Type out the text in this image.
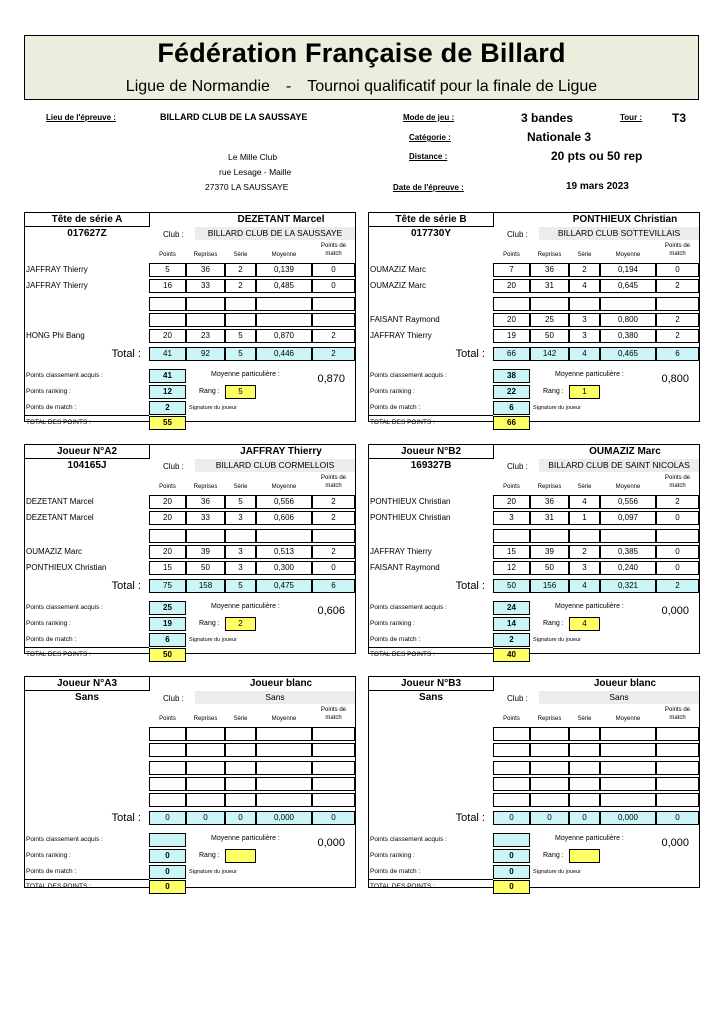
Fédération Française de Billard
Ligue de Normandie - Tournoi qualificatif pour la finale de Ligue
Lieu de l'épreuve :	BILLARD CLUB DE LA SAUSSAYE
Le Mille Club
rue Lesage - Maille
27370 LA SAUSSAYE
Mode de jeu :	3 bandes	Tour : T3
Catégorie :	Nationale 3
Distance :	20 pts ou 50 rep
Date de l'épreuve :	19 mars 2023
Tête de série A
017627Z
DEZETANT Marcel
Club :	BILLARD CLUB DE LA SAUSSAYE
Points	Reprises	Série	Moyenne
Points de
match
JAFFRAY Thierry	5	36	2	0,139	0
JAFFRAY Thierry	16	33	2	0,485	0
HONG Phi Bang	20	23	5	0,870	2
Total :	41	92	5	0,446	2
Points classement acquis :	41	Moyenne particulière :	0,870
Points ranking :	12	Rang :	5
Points de match :	2	Signature du joueur
TOTAL DES POINTS :	55
Tête de série B
017730Y
PONTHIEUX Christian
Club :	BILLARD CLUB SOTTEVILLAIS
Points	Reprises	Série	Moyenne
Points de
match
OUMAZIZ Marc	7	36	2	0,194	0
OUMAZIZ Marc	20	31	4	0,645	2
FAISANT Raymond	20	25	3	0,800	2
JAFFRAY Thierry	19	50	3	0,380	2
Total :	66	142	4	0,465	6
Points classement acquis :	38	Moyenne particulière :	0,800
Points ranking :	22	Rang :	1
Points de match :	6	Signature du joueur
TOTAL DES POINTS :	66
Joueur N°A2
104165J
JAFFRAY Thierry
Club :	BILLARD CLUB CORMELLOIS
Points	Reprises	Série	Moyenne
Points de
match
DEZETANT Marcel	20	36	5	0,556	2
DEZETANT Marcel	20	33	3	0,606	2
OUMAZIZ Marc	20	39	3	0,513	2
PONTHIEUX Christian	15	50	3	0,300	0
Total :	75	158	5	0,475	6
Points classement acquis :	25	Moyenne particulière :	0,606
Points ranking :	19	Rang :	2
Points de match :	6	Signature du joueur
TOTAL DES POINTS :	50
Joueur N°B2
169327B
OUMAZIZ Marc
Club :	BILLARD CLUB DE SAINT NICOLAS
Points	Reprises	Série	Moyenne
Points de
match
PONTHIEUX Christian	20	36	4	0,556	2
PONTHIEUX Christian	3	31	1	0,097	0
JAFFRAY Thierry	15	39	2	0,385	0
FAISANT Raymond	12	50	3	0,240	0
Total :	50	156	4	0,321	2
Points classement acquis :	24	Moyenne particulière :	0,000
Points ranking :	14	Rang :	4
Points de match :	2	Signature du joueur
TOTAL DES POINTS :	40
Joueur N°A3
Sans
Joueur blanc
Club :	Sans
Points	Reprises	Série	Moyenne
Points de
match
Total :	0	0	0	0,000	0
Points classement acquis :	Moyenne particulière :	0,000
Points ranking :	0	Rang :
Points de match :	0	Signature du joueur
TOTAL DES POINTS :	0
Joueur N°B3
Sans
Joueur blanc
Club :	Sans
Points	Reprises	Série	Moyenne
Points de
match
Total :	0	0	0	0,000	0
Points classement acquis :	Moyenne particulière :	0,000
Points ranking :	0	Rang :
Points de match :	0	Signature du joueur
TOTAL DES POINTS :	0
